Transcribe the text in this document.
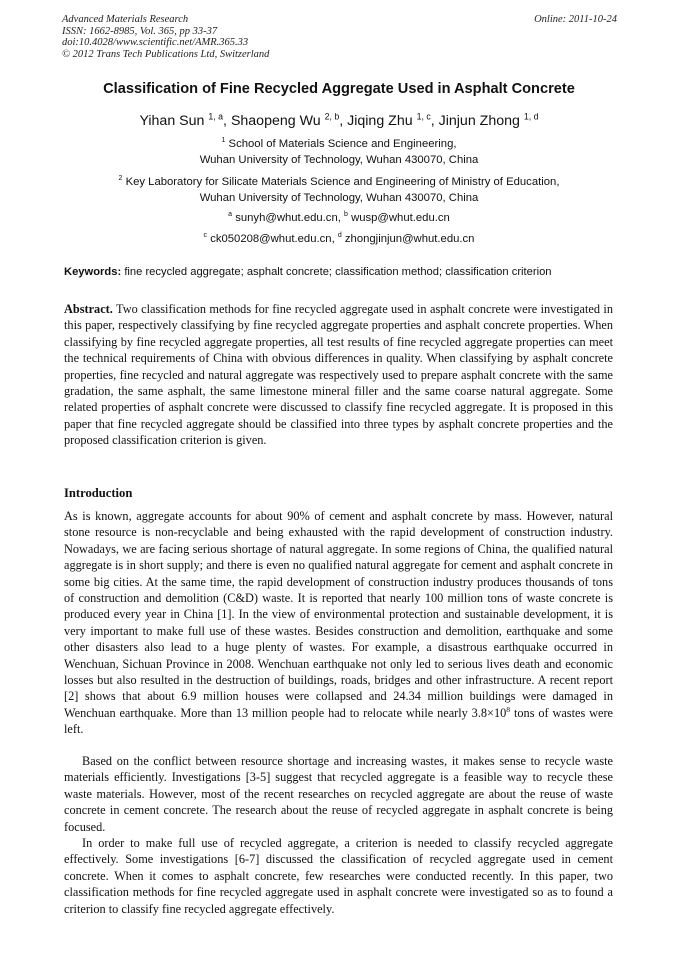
Advanced Materials Research
ISSN: 1662-8985, Vol. 365, pp 33-37
doi:10.4028/www.scientific.net/AMR.365.33
© 2012 Trans Tech Publications Ltd, Switzerland
Online: 2011-10-24
Classification of Fine Recycled Aggregate Used in Asphalt Concrete
Yihan Sun $^{1, a}$, Shaopeng Wu $^{2, b}$, Jiqing Zhu $^{1, c}$, Jinjun Zhong $^{1, d}$
$^1$ School of Materials Science and Engineering,
Wuhan University of Technology, Wuhan 430070, China
$^2$ Key Laboratory for Silicate Materials Science and Engineering of Ministry of Education,
Wuhan University of Technology, Wuhan 430070, China
$^a$ sunyh@whut.edu.cn, $^b$ wusp@whut.edu.cn
$^c$ ck050208@whut.edu.cn, $^d$ zhongjinjun@whut.edu.cn
Keywords: fine recycled aggregate; asphalt concrete; classification method; classification criterion

Abstract. Two classification methods for fine recycled aggregate used in asphalt concrete were investigated in this paper, respectively classifying by fine recycled aggregate properties and asphalt concrete properties. When classifying by fine recycled aggregate properties, all test results of fine recycled aggregate properties can meet the technical requirements of China with obvious differences in quality. When classifying by asphalt concrete properties, fine recycled and natural aggregate was respectively used to prepare asphalt concrete with the same gradation, the same asphalt, the same limestone mineral filler and the same coarse natural aggregate. Some related properties of asphalt concrete were discussed to classify fine recycled aggregate. It is proposed in this paper that fine recycled aggregate should be classified into three types by asphalt concrete properties and the proposed classification criterion is given.

Introduction

As is known, aggregate accounts for about 90% of cement and asphalt concrete by mass. However, natural stone resource is non-recyclable and being exhausted with the rapid development of construction industry. Nowadays, we are facing serious shortage of natural aggregate. In some regions of China, the qualified natural aggregate is in short supply; and there is even no qualified natural aggregate for cement and asphalt concrete in some big cities. At the same time, the rapid development of construction industry produces thousands of tons of construction and demolition (C&D) waste. It is reported that nearly 100 million tons of waste concrete is produced every year in China [1]. In the view of environmental protection and sustainable development, it is very important to make full use of these wastes. Besides construction and demolition, earthquake and some other disasters also lead to a huge plenty of wastes. For example, a disastrous earthquake occurred in Wenchuan, Sichuan Province in 2008. Wenchuan earthquake not only led to serious lives death and economic losses but also resulted in the destruction of buildings, roads, bridges and other infrastructure. A recent report [2] shows that about 6.9 million houses were collapsed and 24.34 million buildings were damaged in Wenchuan earthquake. More than 13 million people had to relocate while nearly $3.8\times 10^8$ tons of wastes were left.

Based on the conflict between resource shortage and increasing wastes, it makes sense to recycle waste materials efficiently. Investigations [3-5] suggest that recycled aggregate is a feasible way to recycle these waste materials. However, most of the recent researches on recycled aggregate are about the reuse of waste concrete in cement concrete. The research about the reuse of recycled aggregate in asphalt concrete is being focused.

In order to make full use of recycled aggregate, a criterion is needed to classify recycled aggregate effectively. Some investigations [6-7] discussed the classification of recycled aggregate used in cement concrete. When it comes to asphalt concrete, few researches were conducted recently. In this paper, two classification methods for fine recycled aggregate used in asphalt concrete were investigated so as to found a criterion to classify fine recycled aggregate effectively.
